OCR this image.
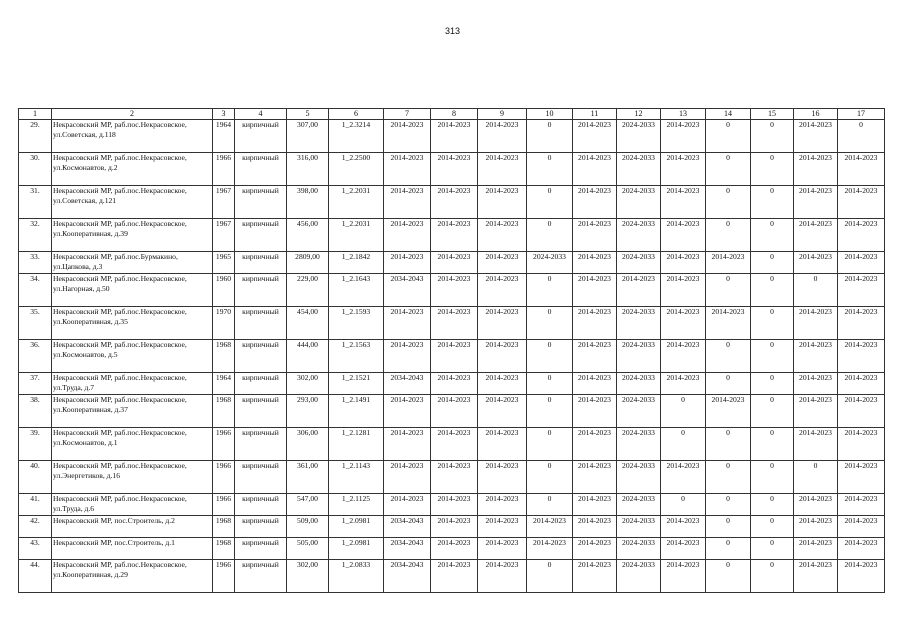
313
1	2	3	4	5	6	7	8	9	10	11	12	13	14	15	16	17
29.	Некрасовский МР, раб.пос.Некрасовское, ул.Советская, д.118	1964	кирпичный	307,00	1_2.3214	2014-2023	2014-2023	2014-2023	0	2014-2023	2024-2033	2014-2023	0	0	2014-2023	0
30.	Некрасовский МР, раб.пос.Некрасовское, ул.Космонавтов, д.2	1966	кирпичный	316,00	1_2.2500	2014-2023	2014-2023	2014-2023	0	2014-2023	2024-2033	2014-2023	0	0	2014-2023	2014-2023
31.	Некрасовский МР, раб.пос.Некрасовское, ул.Советская, д.121	1967	кирпичный	398,00	1_2.2031	2014-2023	2014-2023	2014-2023	0	2014-2023	2024-2033	2014-2023	0	0	2014-2023	2014-2023
32.	Некрасовский МР, раб.пос.Некрасовское, ул.Кооперативная, д.39	1967	кирпичный	456,00	1_2.2031	2014-2023	2014-2023	2014-2023	0	2014-2023	2024-2033	2014-2023	0	0	2014-2023	2014-2023
33.	Некрасовский МР, раб.пос.Бурмакино, ул.Цапкова, д.3	1965	кирпичный	2809,00	1_2.1842	2014-2023	2014-2023	2014-2023	2024-2033	2014-2023	2024-2033	2014-2023	2014-2023	0	2014-2023	2014-2023
34.	Некрасовский МР, раб.пос.Некрасовское, ул.Нагорная, д.50	1960	кирпичный	229,00	1_2.1643	2034-2043	2014-2023	2014-2023	0	2014-2023	2014-2023	2014-2023	0	0	0	2014-2023
35.	Некрасовский МР, раб.пос.Некрасовское, ул.Кооперативная, д.35	1970	кирпичный	454,00	1_2.1593	2014-2023	2014-2023	2014-2023	0	2014-2023	2024-2033	2014-2023	2014-2023	0	2014-2023	2014-2023
36.	Некрасовский МР, раб.пос.Некрасовское, ул.Космонавтов, д.5	1968	кирпичный	444,00	1_2.1563	2014-2023	2014-2023	2014-2023	0	2014-2023	2024-2033	2014-2023	0	0	2014-2023	2014-2023
37.	Некрасовский МР, раб.пос.Некрасовское, ул.Труда, д.7	1964	кирпичный	302,00	1_2.1521	2034-2043	2014-2023	2014-2023	0	2014-2023	2024-2033	2014-2023	0	0	2014-2023	2014-2023
38.	Некрасовский МР, раб.пос.Некрасовское, ул.Кооперативная, д.37	1968	кирпичный	293,00	1_2.1491	2014-2023	2014-2023	2014-2023	0	2014-2023	2024-2033	0	2014-2023	0	2014-2023	2014-2023
39.	Некрасовский МР, раб.пос.Некрасовское, ул.Космонавтов, д.1	1966	кирпичный	306,00	1_2.1281	2014-2023	2014-2023	2014-2023	0	2014-2023	2024-2033	0	0	0	2014-2023	2014-2023
40.	Некрасовский МР, раб.пос.Некрасовское, ул.Энергетиков, д.16	1966	кирпичный	361,00	1_2.1143	2014-2023	2014-2023	2014-2023	0	2014-2023	2024-2033	2014-2023	0	0	0	2014-2023
41.	Некрасовский МР, раб.пос.Некрасовское, ул.Труда, д.6	1966	кирпичный	547,00	1_2.1125	2014-2023	2014-2023	2014-2023	0	2014-2023	2024-2033	0	0	0	2014-2023	2014-2023
42.	Некрасовский МР, пос.Строитель, д.2	1968	кирпичный	509,00	1_2.0981	2034-2043	2014-2023	2014-2023	2014-2023	2014-2023	2024-2033	2014-2023	0	0	2014-2023	2014-2023
43.	Некрасовский МР, пос.Строитель, д.1	1968	кирпичный	505,00	1_2.0981	2034-2043	2014-2023	2014-2023	2014-2023	2014-2023	2024-2033	2014-2023	0	0	2014-2023	2014-2023
44.	Некрасовский МР, раб.пос.Некрасовское, ул.Кооперативная, д.29	1966	кирпичный	302,00	1_2.0833	2034-2043	2014-2023	2014-2023	0	2014-2023	2024-2033	2014-2023	0	0	2014-2023	2014-2023
